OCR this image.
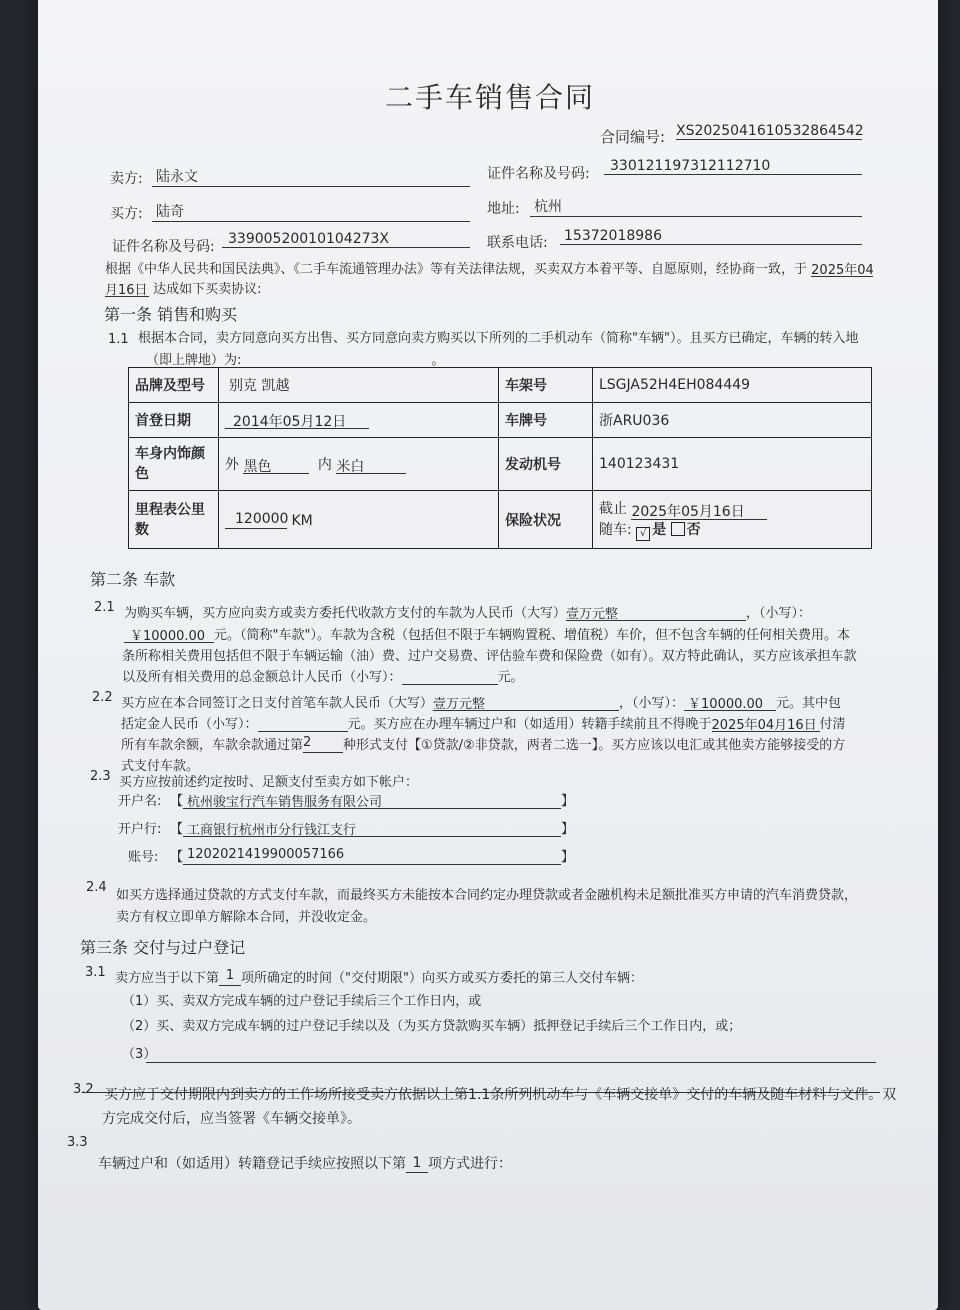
二手车销售合同
合同编号: XS2025041610532864542
卖方: 陆永文	证件名称及号码:	330121197312112710
买方: 陆奇	地址: 杭州
证件名称及号码: 33900520010104273X	联系电话: 15372018986
根据《中华人民共和国民法典》、《二手车流通管理办法》等有关法律法规，买卖双方本着平等、自愿原则，经协商一致，于 2025年04
月16日 达成如下买卖协议:
第一条 销售和购买
1.1 根据本合同，卖方同意向买方出售、买方同意向卖方购买以下所列的二手机动车（简称"车辆"）。且买方已确定，车辆的转入地
（即上牌地）为:	。
品牌及型号	别克 凯越	车架号	LSGJA52H4EH084449
首登日期	2014年05月12日	车牌号	浙ARU036
车身内饰颜色	外 黑色 内 米白	发动机号	140123431
里程表公里数	120000 KM	保险状况	截止 2025年05月16日
随车: √ 是 否
第二条 车款
2.1 为购买车辆，买方应向卖方或卖方委托代收款方支付的车款为人民币（大写）壹万元整	，（小写）：
￥10000.00 元。（简称"车款"）。车款为含税（包括但不限于车辆购置税、增值税）车价，但不包含车辆的任何相关费用。本
条所称相关费用包括但不限于车辆运输（油）费、过户交易费、评估验车费和保险费（如有）。双方特此确认，买方应该承担车款
以及所有相关费用的总金额总计人民币（小写）：	元。
2.2 买方应在本合同签订之日支付首笔车款人民币（大写）壹万元整	，（小写）： ￥10000.00 元。其中包
括定金人民币（小写）：	元。买方应在办理车辆过户和（如适用）转籍手续前且不得晚于2025年04月16日 付清
所有车款余额，车款余款通过第2 种形式支付【①贷款/②非贷款，两者二选一】。买方应该以电汇或其他卖方能够接受的方
式支付车款。
2.3 买方应按前述约定按时、足额支付至卖方如下帐户：
开户名: 【 杭州骏宝行汽车销售服务有限公司	】
开户行: 【 工商银行杭州市分行钱江支行	】
账号: 【 1202021419900057166	】
2.4
如买方选择通过贷款的方式支付车款，而最终买方未能按本合同约定办理贷款或者金融机构未足额批准买方申请的汽车消费贷款，
卖方有权立即单方解除本合同，并没收定金。
第三条 交付与过户登记
3.1 卖方应当于以下第 1 项所确定的时间（"交付期限"）向买方或买方委托的第三人交付车辆：
（1）买、卖双方完成车辆的过户登记手续后三个工作日内，或
（2）买、卖双方完成车辆的过户登记手续以及（为买方贷款购买车辆）抵押登记手续后三个工作日内，或；
（3）
3.2 买方应于交付期限内到卖方的工作场所接受卖方依据以上第1.1条所列机动车与《车辆交接单》交付的车辆及随车材料与文件。双
方完成交付后，应当签署《车辆交接单》。
3.3
车辆过户和（如适用）转籍登记手续应按照以下第 1 项方式进行：
